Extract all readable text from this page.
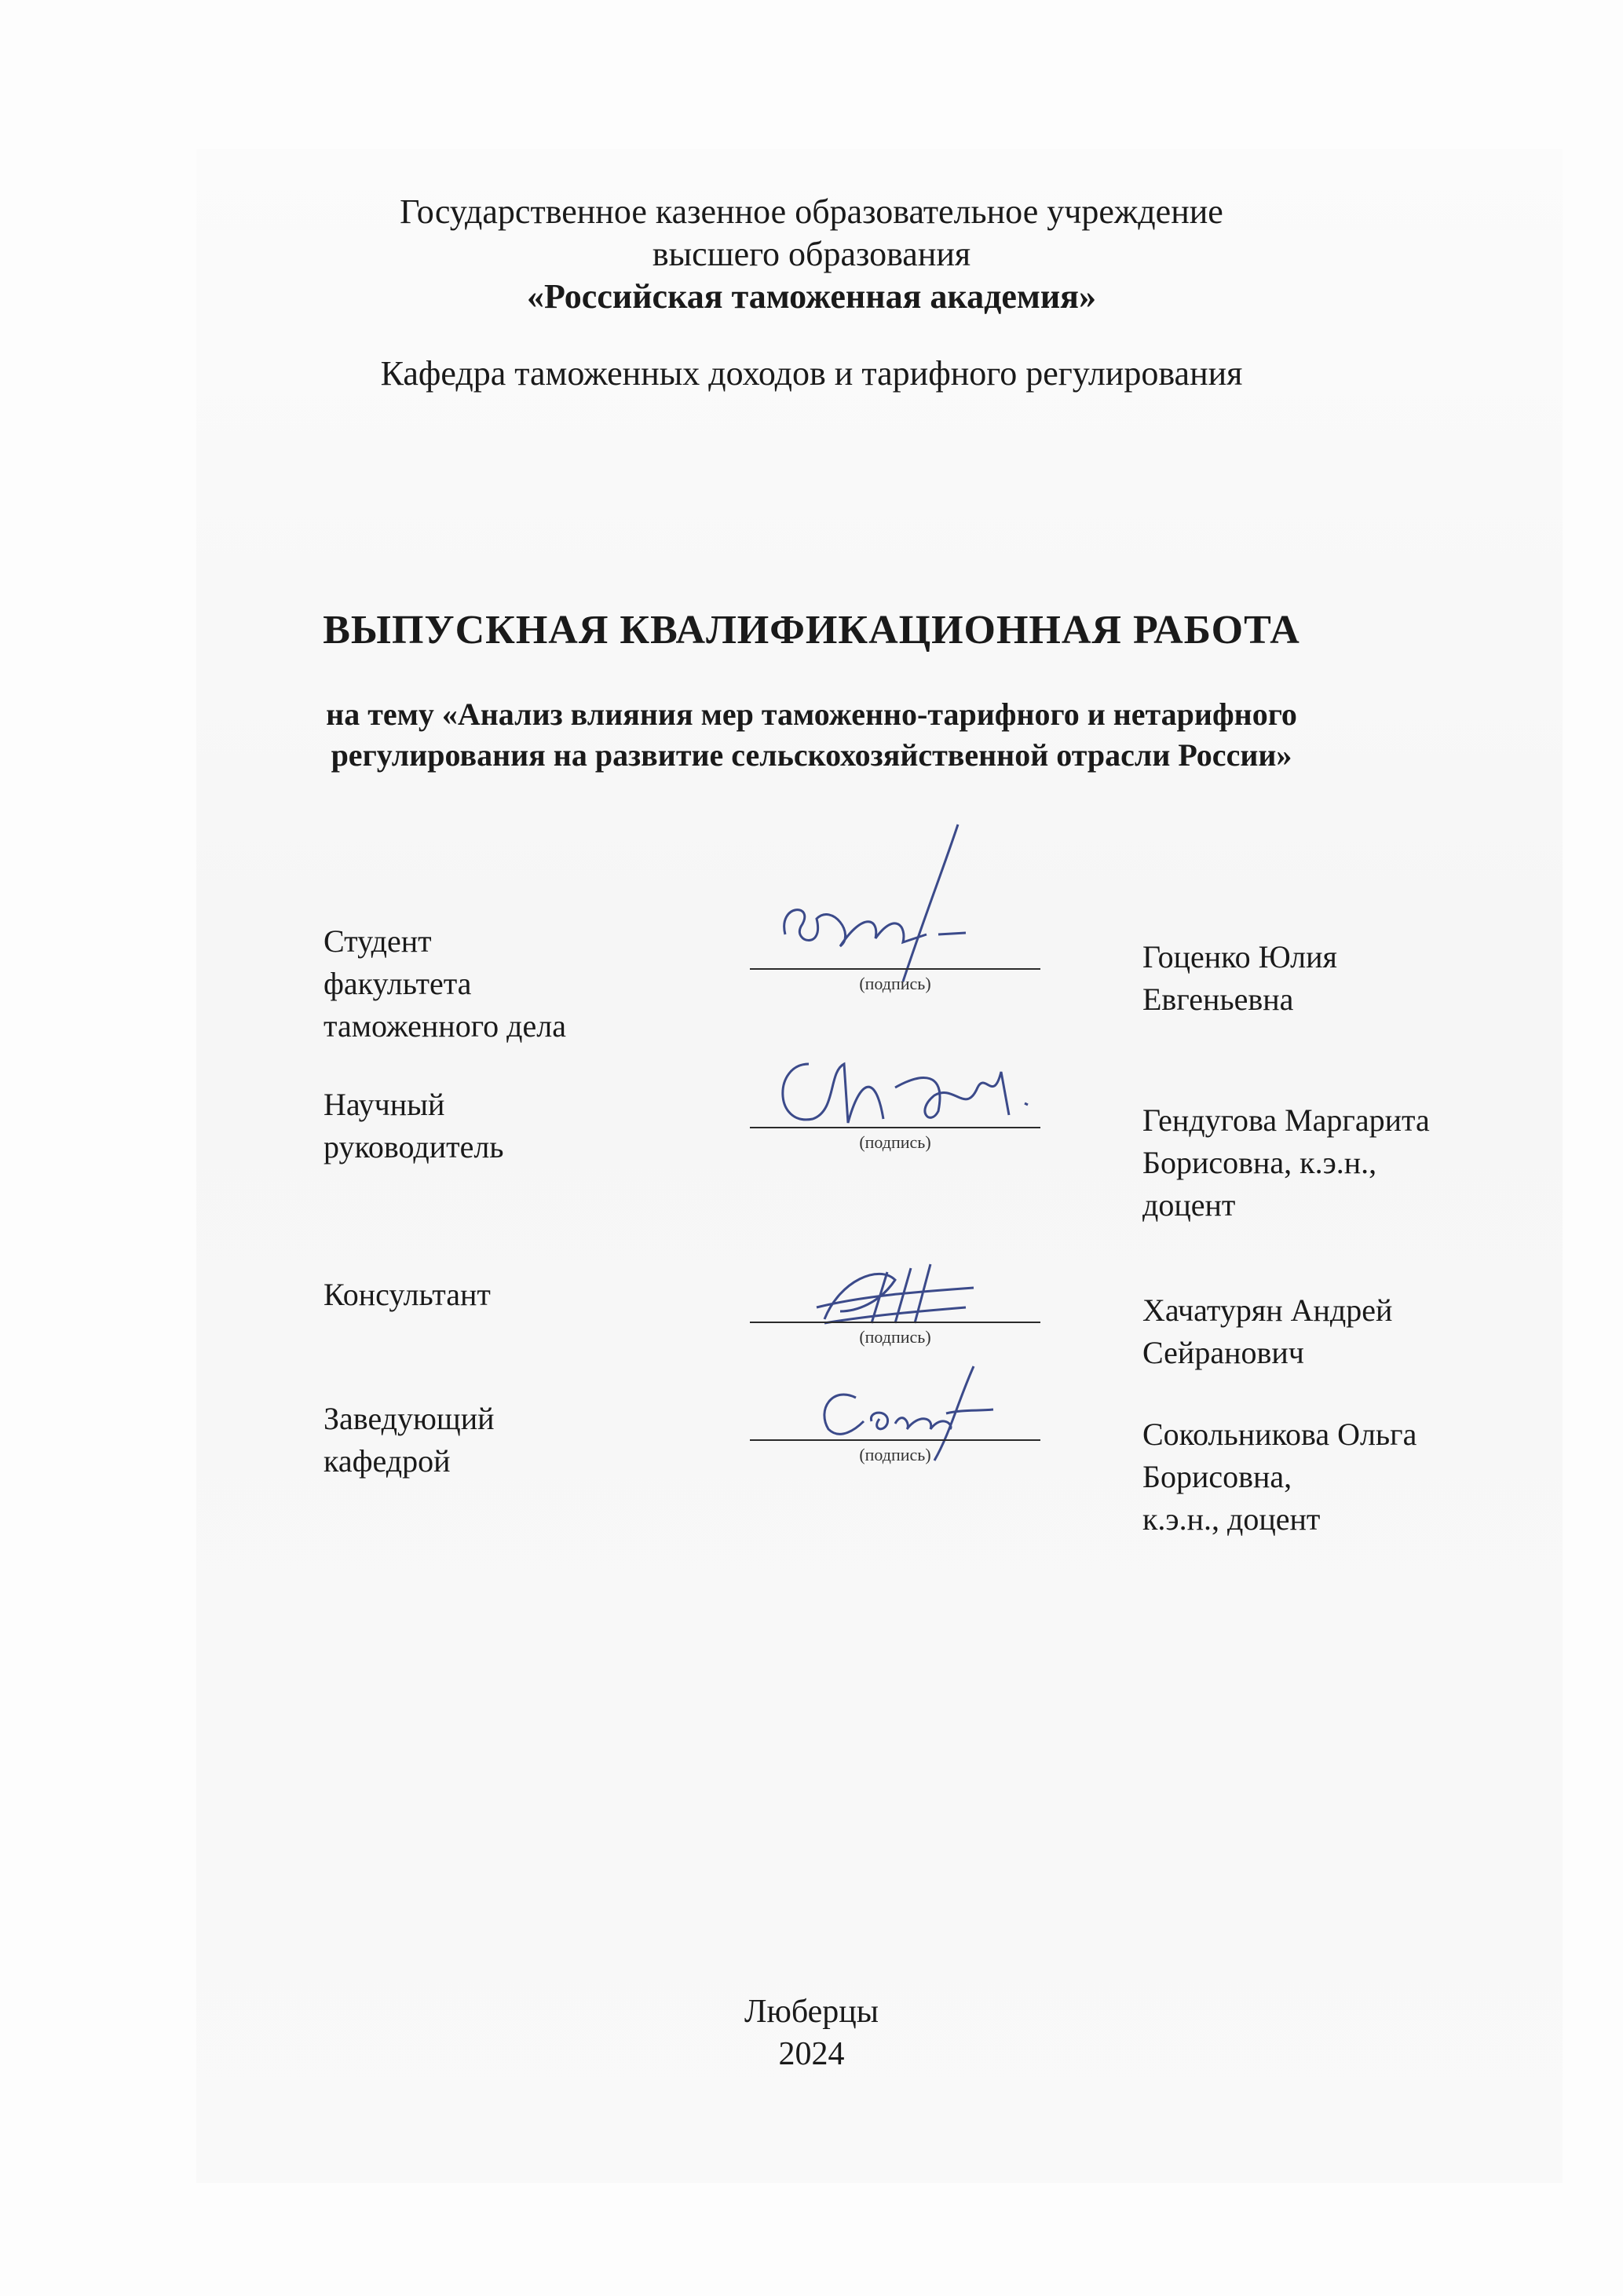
Государственное казенное образовательное учреждение
высшего образования
«Российская таможенная академия»
Кафедра таможенных доходов и тарифного регулирования
ВЫПУСКНАЯ КВАЛИФИКАЦИОННАЯ РАБОТА
на тему «Анализ влияния мер таможенно-тарифного и нетарифного
регулирования на развитие сельскохозяйственной отрасли России»
Студент
факультета
таможенного дела
(подпись)
Гоценко Юлия
Евгеньевна
Научный
руководитель	(подпись)
Гендугова Маргарита
Борисовна, к.э.н.,
доцент
Консультант
(подпись)
Хачатурян Андрей
Сейранович
Заведующий
кафедрой	(подпись)
Сокольникова Ольга
Борисовна,
к.э.н., доцент
Люберцы
2024
